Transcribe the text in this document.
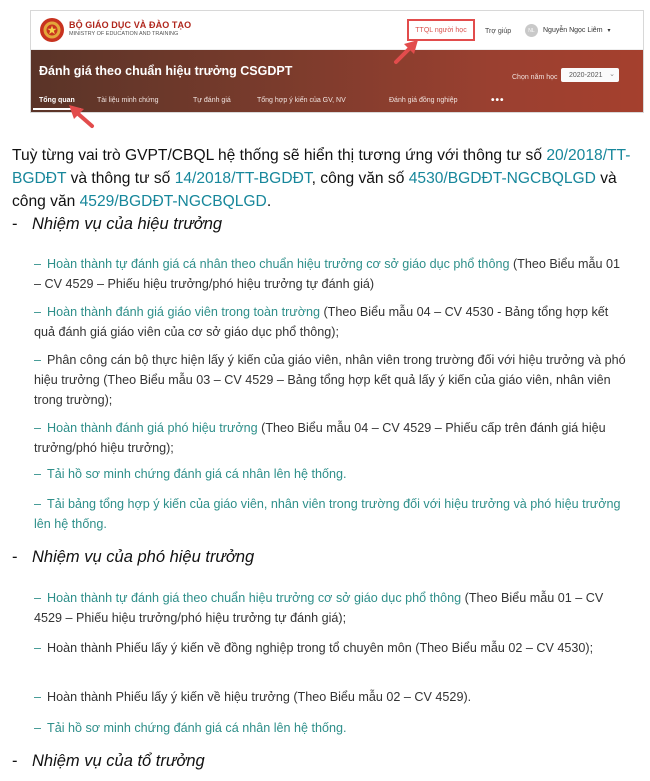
BỘ GIÁO DỤC VÀ ĐÀO TẠO
MINISTRY OF EDUCATION AND TRAINING
TTQL người học	Trợ giúp	NL	Nguyễn Ngọc Liêm ▾
Đánh giá theo chuẩn hiệu trưởng CSGDPT	Chọn năm học 2020-2021 ⌄
Tổng quan	Tài liệu minh chứng	Tự đánh giá	Tổng hợp ý kiến của GV, NV	Đánh giá đồng nghiệp	•••
Tuỳ từng vai trò GVPT/CBQL hệ thống sẽ hiển thị tương ứng với thông tư số 20/2018/TT-BGDĐT và thông tư số 14/2018/TT-BGDĐT, công văn số 4530/BGDĐT-NGCBQLGD và công văn 4529/BGDĐT-NGCBQLGD.
- Nhiệm vụ của hiệu trưởng
– Hoàn thành tự đánh giá cá nhân theo chuẩn hiệu trưởng cơ sở giáo dục phổ thông (Theo Biểu mẫu 01 – CV 4529 – Phiếu hiệu trưởng/phó hiệu trưởng tự đánh giá)
– Hoàn thành đánh giá giáo viên trong toàn trường (Theo Biểu mẫu 04 – CV 4530 - Bảng tổng hợp kết quả đánh giá giáo viên của cơ sở giáo dục phổ thông);
– Phân công cán bộ thực hiện lấy ý kiến của giáo viên, nhân viên trong trường đối với hiệu trưởng và phó hiệu trưởng (Theo Biểu mẫu 03 – CV 4529 – Bảng tổng hợp kết quả lấy ý kiến của giáo viên, nhân viên trong trường);
– Hoàn thành đánh giá phó hiệu trưởng (Theo Biểu mẫu 04 – CV 4529 – Phiếu cấp trên đánh giá hiệu trưởng/phó hiệu trưởng);
– Tải hồ sơ minh chứng đánh giá cá nhân lên hệ thống.
– Tải bảng tổng hợp ý kiến của giáo viên, nhân viên trong trường đối với hiệu trưởng và phó hiệu trưởng lên hệ thống.
- Nhiệm vụ của phó hiệu trưởng
– Hoàn thành tự đánh giá theo chuẩn hiệu trưởng cơ sở giáo dục phổ thông (Theo Biểu mẫu 01 – CV 4529 – Phiếu hiệu trưởng/phó hiệu trưởng tự đánh giá);
– Hoàn thành Phiếu lấy ý kiến về đồng nghiệp trong tổ chuyên môn (Theo Biểu mẫu 02 – CV 4530);
– Hoàn thành Phiếu lấy ý kiến về hiệu trưởng (Theo Biểu mẫu 02 – CV 4529).
– Tải hồ sơ minh chứng đánh giá cá nhân lên hệ thống.
- Nhiệm vụ của tổ trưởng
